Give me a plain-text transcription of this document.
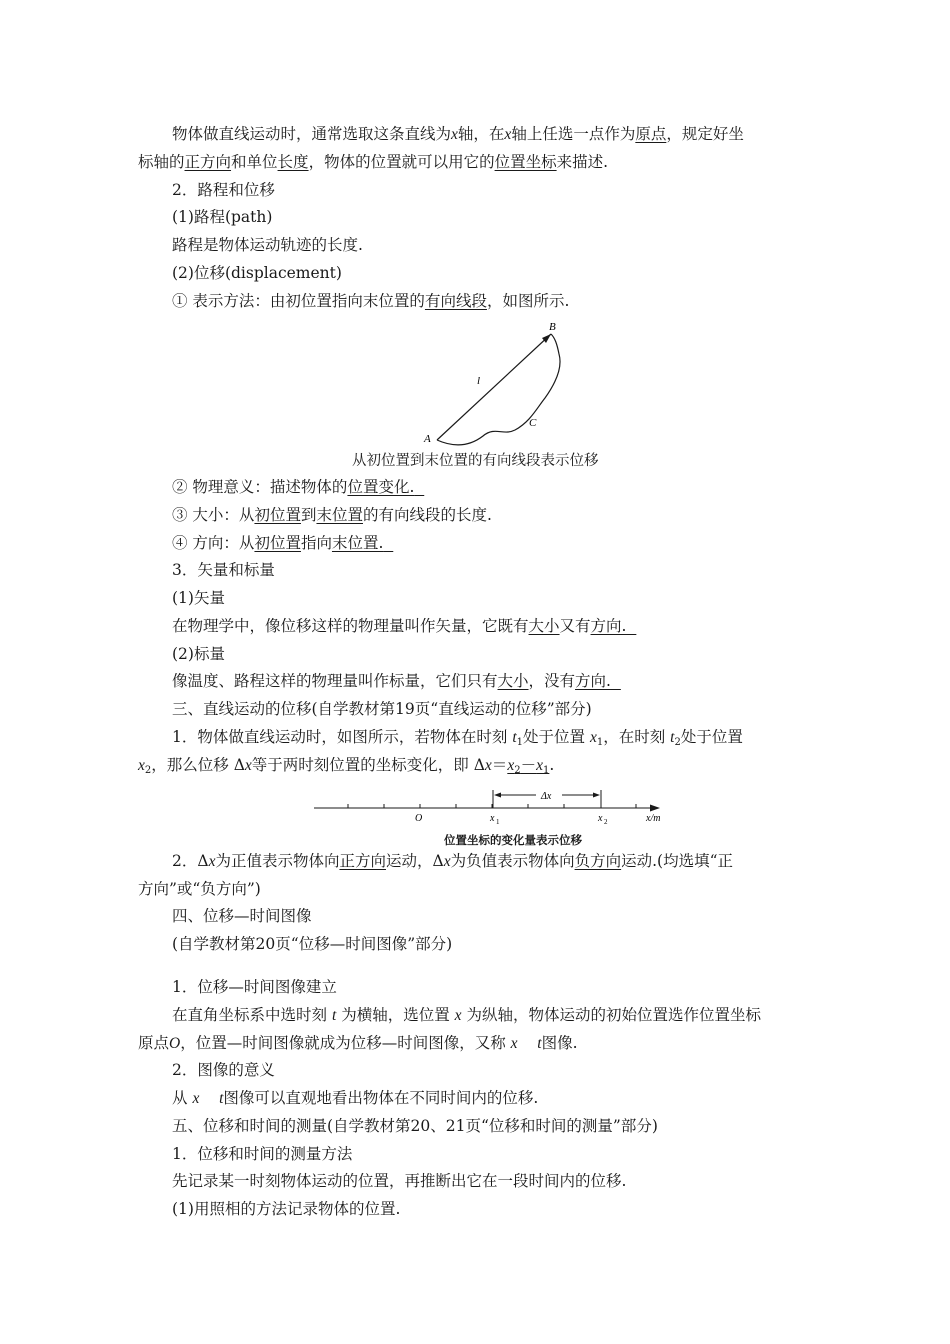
物体做直线运动时，通常选取这条直线为x轴，在x轴上任选一点作为原点，规定好坐
标轴的正方向和单位长度，物体的位置就可以用它的位置坐标来描述.
2．路程和位移
(1)路程(path)
路程是物体运动轨迹的长度.
(2)位移(displacement)
① 表示方法：由初位置指向末位置的有向线段，如图所示.
A
B
C
l
从初位置到末位置的有向线段表示位移
② 物理意义：描述物体的位置变化.
③ 大小：从初位置到末位置的有向线段的长度.
④ 方向：从初位置指向末位置.
3．矢量和标量
(1)矢量
在物理学中，像位移这样的物理量叫作矢量，它既有大小又有方向.
(2)标量
像温度、路程这样的物理量叫作标量，它们只有大小，没有方向.
三、直线运动的位移(自学教材第19页“直线运动的位移”部分)
1．物体做直线运动时，如图所示，若物体在时刻 $t_1$处于位置 $x_1$，在时刻 $t_2$处于位置
$x_2$，那么位移 Δx等于两时刻位置的坐标变化，即 $\Delta x=x_2-x_1$.
Δx
O	x 1	x 2	x/m
位置坐标的变化量表示位移
2．Δx为正值表示物体向正方向运动，Δx为负值表示物体向负方向运动.(均选填“正
方向”或“负方向”)
四、位移—时间图像
(自学教材第20页“位移—时间图像”部分)
1．位移—时间图像建立
在直角坐标系中选时刻 t 为横轴，选位置 x 为纵轴，物体运动的初始位置选作位置坐标
原点O，位置—时间图像就成为位移—时间图像，又称 x t图像.
2．图像的意义
从 x t图像可以直观地看出物体在不同时间内的位移.
五、位移和时间的测量(自学教材第20、21页“位移和时间的测量”部分)
1．位移和时间的测量方法
先记录某一时刻物体运动的位置，再推断出它在一段时间内的位移.
(1)用照相的方法记录物体的位置.
